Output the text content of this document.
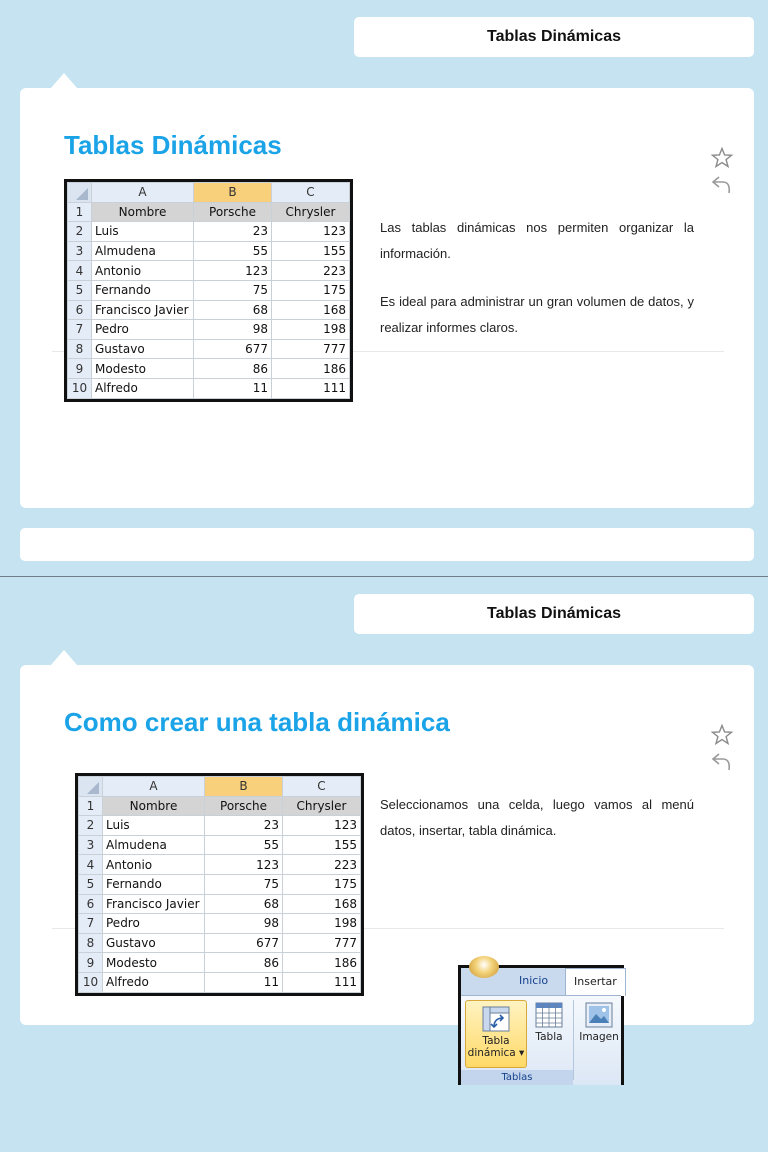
Tablas Dinámicas
Tablas Dinámicas
	A	B	C
1	Nombre	Porsche	Chrysler
2	Luis	23	123
3	Almudena	55	155
4	Antonio	123	223
5	Fernando	75	175
6	Francisco Javier	68	168
7	Pedro	98	198
8	Gustavo	677	777
9	Modesto	86	186
10	Alfredo	11	111

Las tablas dinámicas nos permiten organizar la información.

Es ideal para administrar un gran volumen de datos, y realizar informes claros.

Tablas Dinámicas
Como crear una tabla dinámica
	A	B	C
1	Nombre	Porsche	Chrysler
2	Luis	23	123
3	Almudena	55	155
4	Antonio	123	223
5	Fernando	75	175
6	Francisco Javier	68	168
7	Pedro	98	198
8	Gustavo	677	777
9	Modesto	86	186
10	Alfredo	11	111

Seleccionamos una celda, luego vamos al menú datos, insertar, tabla dinámica.

Inicio	Insertar
Tabla
dinámica ▾
Tabla	Imagen
Tablas
